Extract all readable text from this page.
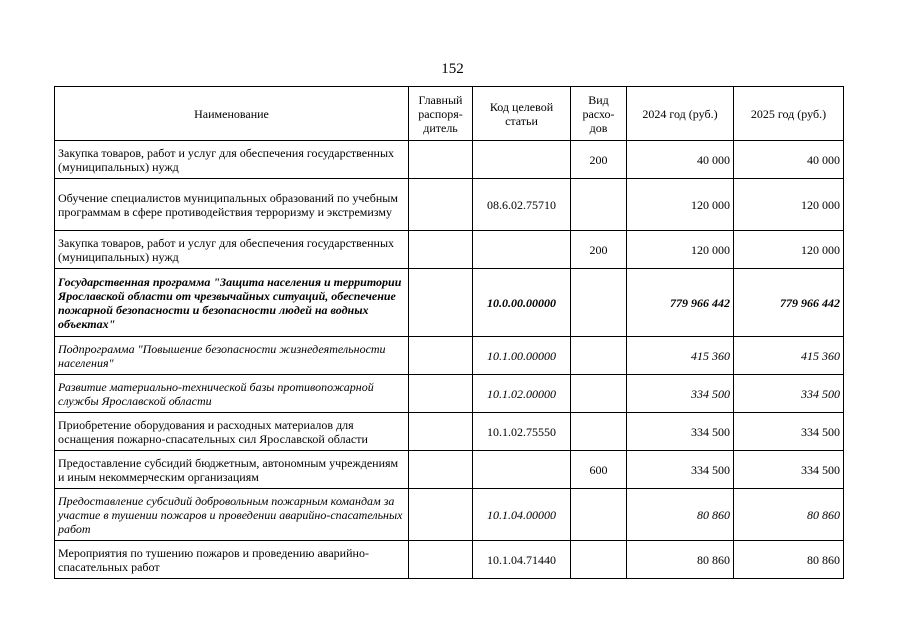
152
Наименование	Главный распоря- дитель	Код целевой статьи	Вид расхо- дов	2024 год (руб.)	2025 год (руб.)
Закупка товаров, работ и услуг для обеспечения государственных (муниципальных) нужд			200	40 000	40 000
Обучение специалистов муниципальных образований по учебным программам в сфере противодействия терроризму и экстремизму		08.6.02.75710		120 000	120 000
Закупка товаров, работ и услуг для обеспечения государственных (муниципальных) нужд			200	120 000	120 000
Государственная программа "Защита населения и территории Ярославской области от чрезвычайных ситуаций, обеспечение пожарной безопасности и безопасности людей на водных объектах"		10.0.00.00000		779 966 442	779 966 442
Подпрограмма "Повышение безопасности жизнедеятельности населения"		10.1.00.00000		415 360	415 360
Развитие материально-технической базы противопожарной службы Ярославской области		10.1.02.00000		334 500	334 500
Приобретение оборудования и расходных материалов для оснащения пожарно-спасательных сил Ярославской области		10.1.02.75550		334 500	334 500
Предоставление субсидий бюджетным, автономным учреждениям и иным некоммерческим организациям			600	334 500	334 500
Предоставление субсидий добровольным пожарным командам за участие в тушении пожаров и проведении аварийно-спасательных работ		10.1.04.00000		80 860	80 860
Мероприятия по тушению пожаров и проведению аварийно-спасательных работ		10.1.04.71440		80 860	80 860
